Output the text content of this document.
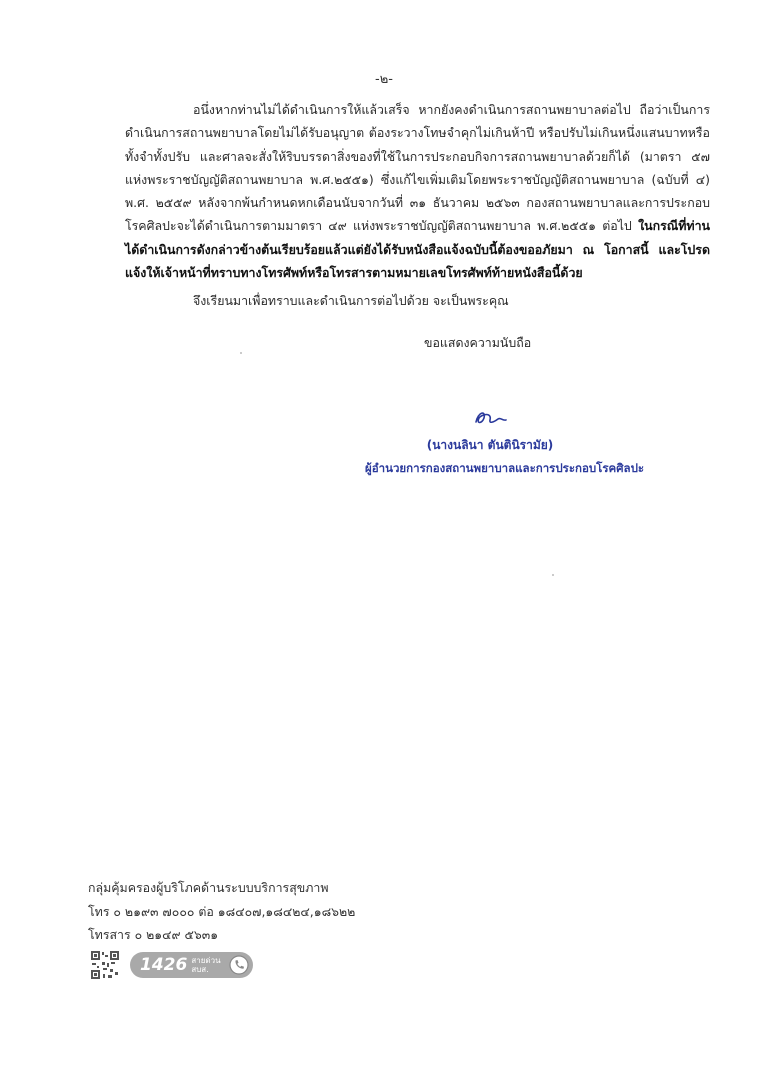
-๒-

อนึ่งหากท่านไม่ได้ดำเนินการให้แล้วเสร็จ หากยังคงดำเนินการสถานพยาบาลต่อไป ถือว่าเป็นการดำเนินการสถานพยาบาลโดยไม่ได้รับอนุญาต ต้องระวางโทษจำคุกไม่เกินห้าปี หรือปรับไม่เกินหนึ่งแสนบาทหรือทั้งจำทั้งปรับ และศาลจะสั่งให้ริบบรรดาสิ่งของที่ใช้ในการประกอบกิจการสถานพยาบาลด้วยก็ได้ (มาตรา ๕๗ แห่งพระราชบัญญัติสถานพยาบาล พ.ศ.๒๕๕๑) ซึ่งแก้ไขเพิ่มเติมโดยพระราชบัญญัติสถานพยาบาล (ฉบับที่ ๔) พ.ศ. ๒๕๕๙ หลังจากพ้นกำหนดหกเดือนนับจากวันที่ ๓๑ ธันวาคม ๒๕๖๓ กองสถานพยาบาลและการประกอบโรคศิลปะจะได้ดำเนินการตามมาตรา ๔๙ แห่งพระราชบัญญัติสถานพยาบาล พ.ศ.๒๕๕๑ ต่อไป ในกรณีที่ท่านได้ดำเนินการดังกล่าวข้างต้นเรียบร้อยแล้วแต่ยังได้รับหนังสือแจ้งฉบับนี้ต้องขออภัยมา ณ โอกาสนี้ และโปรดแจ้งให้เจ้าหน้าที่ทราบทางโทรศัพท์หรือโทรสารตามหมายเลขโทรศัพท์ท้ายหนังสือนี้ด้วย

จึงเรียนมาเพื่อทราบและดำเนินการต่อไปด้วย จะเป็นพระคุณ
ขอแสดงความนับถือ
(นางนลินา ตันตินิรามัย)
ผู้อำนวยการกองสถานพยาบาลและการประกอบโรคศิลปะ
กลุ่มคุ้มครองผู้บริโภคด้านระบบบริการสุขภาพ
โทร ๐ ๒๑๙๓ ๗๐๐๐ ต่อ ๑๘๔๐๗,๑๘๔๒๔,๑๘๖๒๒
โทรสาร ๐ ๒๑๔๙ ๕๖๓๑
1426 สายด่วน สบส.
